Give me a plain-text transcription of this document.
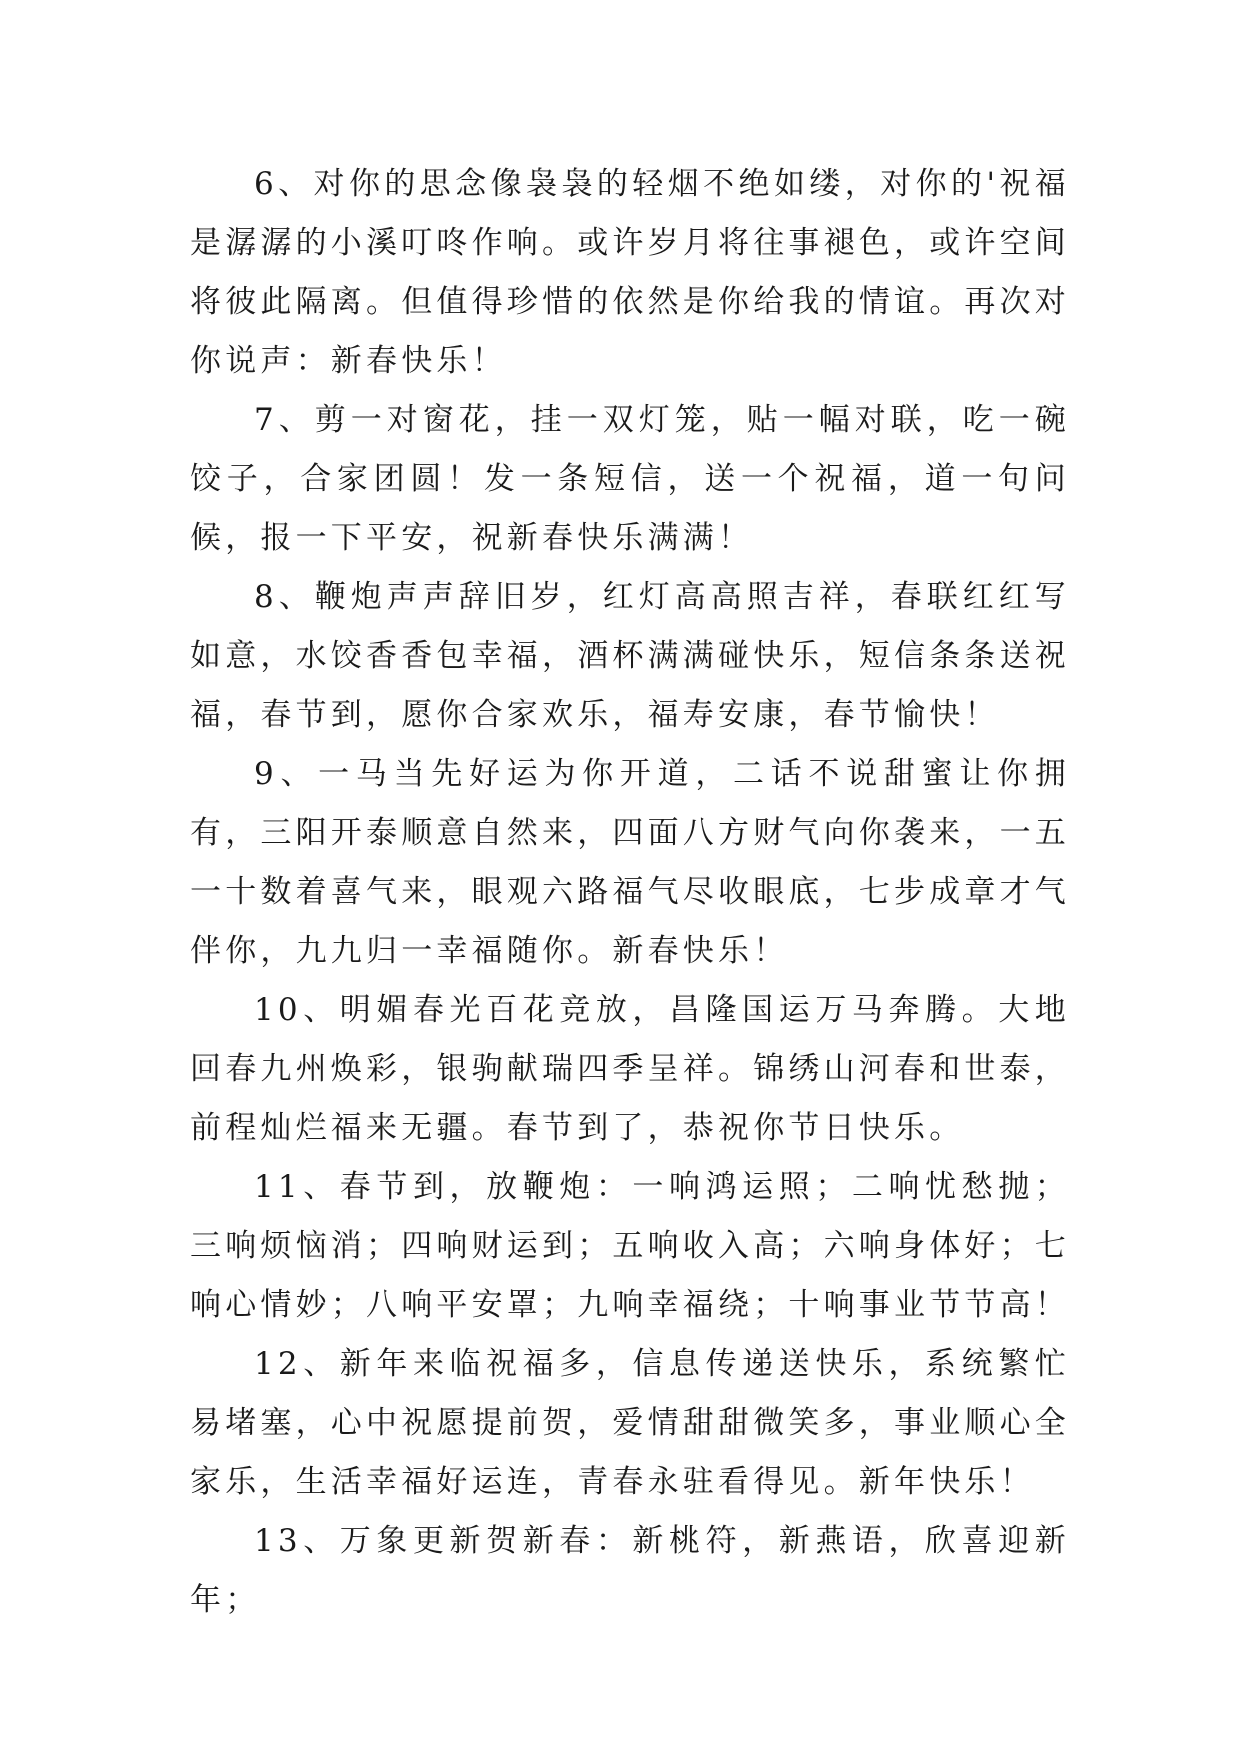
6、对你的思念像袅袅的轻烟不绝如缕，对你的'祝福是潺潺的小溪叮咚作响。或许岁月将往事褪色，或许空间将彼此隔离。但值得珍惜的依然是你给我的情谊。再次对你说声：新春快乐！

7、剪一对窗花，挂一双灯笼，贴一幅对联，吃一碗饺子，合家团圆！发一条短信，送一个祝福，道一句问候，报一下平安，祝新春快乐满满！

8、鞭炮声声辞旧岁，红灯高高照吉祥，春联红红写如意，水饺香香包幸福，酒杯满满碰快乐，短信条条送祝福，春节到，愿你合家欢乐，福寿安康，春节愉快！

9、一马当先好运为你开道，二话不说甜蜜让你拥有，三阳开泰顺意自然来，四面八方财气向你袭来，一五一十数着喜气来，眼观六路福气尽收眼底，七步成章才气伴你，九九归一幸福随你。新春快乐！

10、明媚春光百花竞放，昌隆国运万马奔腾。大地回春九州焕彩，银驹献瑞四季呈祥。锦绣山河春和世泰，前程灿烂福来无疆。春节到了，恭祝你节日快乐。

11、春节到，放鞭炮：一响鸿运照；二响忧愁抛；三响烦恼消；四响财运到；五响收入高；六响身体好；七响心情妙；八响平安罩；九响幸福绕；十响事业节节高！

12、新年来临祝福多，信息传递送快乐，系统繁忙易堵塞，心中祝愿提前贺，爱情甜甜微笑多，事业顺心全家乐，生活幸福好运连，青春永驻看得见。新年快乐！

13、万象更新贺新春：新桃符，新燕语，欣喜迎新年；
